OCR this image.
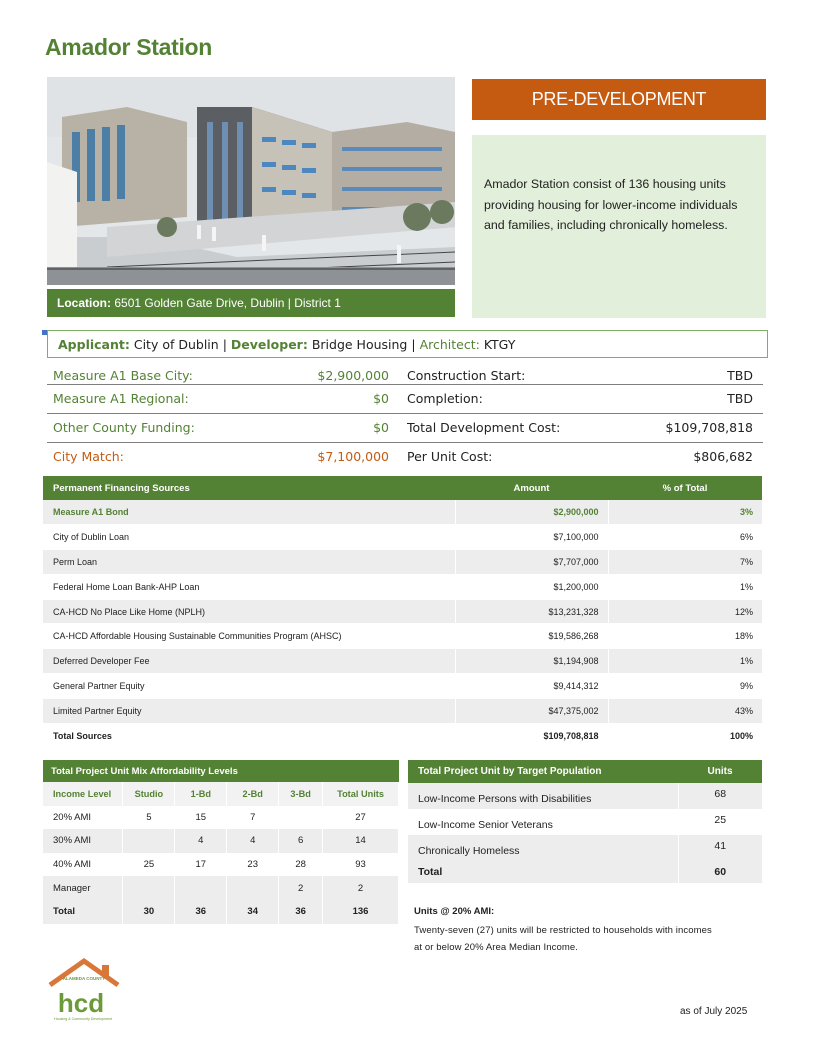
Amador Station
Location: 6501 Golden Gate Drive, Dublin | District 1
PRE-DEVELOPMENT
Amador Station consist of 136 housing units providing housing for lower-income individuals and families, including chronically homeless.
Applicant: City of Dublin | Developer: Bridge Housing | Architect: KTGY
Measure A1 Base City:	$2,900,000 Construction Start:	TBD
Measure A1 Regional:	$0 Completion:	TBD
Other County Funding:	$0 Total Development Cost:	$109,708,818
City Match:	$7,100,000 Per Unit Cost:	$806,682
Permanent Financing Sources	Amount	% of Total
Measure A1 Bond	$2,900,000	3%
City of Dublin Loan	$7,100,000	6%
Perm Loan	$7,707,000	7%
Federal Home Loan Bank-AHP Loan	$1,200,000	1%
CA-HCD No Place Like Home (NPLH)	$13,231,328	12%
CA-HCD Affordable Housing Sustainable Communities Program (AHSC)	$19,586,268	18%
Deferred Developer Fee	$1,194,908	1%
General Partner Equity	$9,414,312	9%
Limited Partner Equity	$47,375,002	43%
Total Sources	$109,708,818	100%
Total Project Unit Mix Affordability Levels					
Income Level	Studio	1-Bd	2-Bd	3-Bd	Total Units
20% AMI	5	15	7		27
30% AMI		4	4	6	14
40% AMI	25	17	23	28	93
Manager				2	2
Total	30	36	34	36	136
Total Project Unit by Target Population	Units
Low-Income Persons with Disabilities	68
Low-Income Senior Veterans	25
Chronically Homeless	41
Total	60
Units @ 20% AMI:
Twenty-seven (27) units will be restricted to households with incomes at or below 20% Area Median Income.
ALAMEDA COUNTY
hcd
Housing & Community Development
as of July 2025
